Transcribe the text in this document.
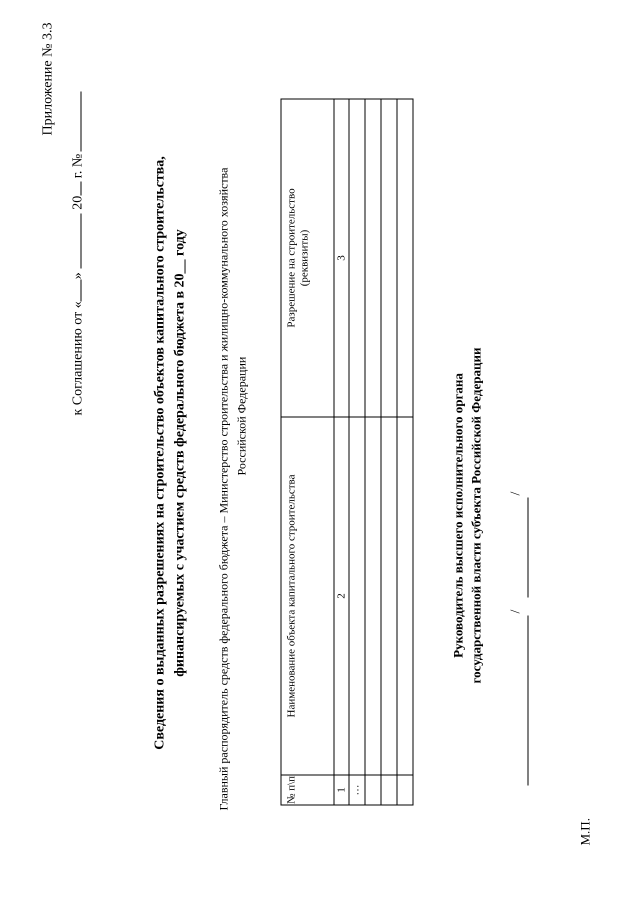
Приложение № 3.3
к Соглашению от «» 20 г. №	Сведения о выданных разрешениях на строительство объектов капитального строительства, финансируемых с участием средств федерального бюджета в 20__ году Главный распорядитель средств федерального бюджета – Министерство строительства и жилищно-коммунального хозяйства Российской Федерации
№ п\п	Наименование объекта капитального строительства	Разрешение на строительство (реквизиты)
1	2	3
…		

Руководитель высшего исполнительного органа государственной власти субъекта Российской Федерации /
/
М.П.
